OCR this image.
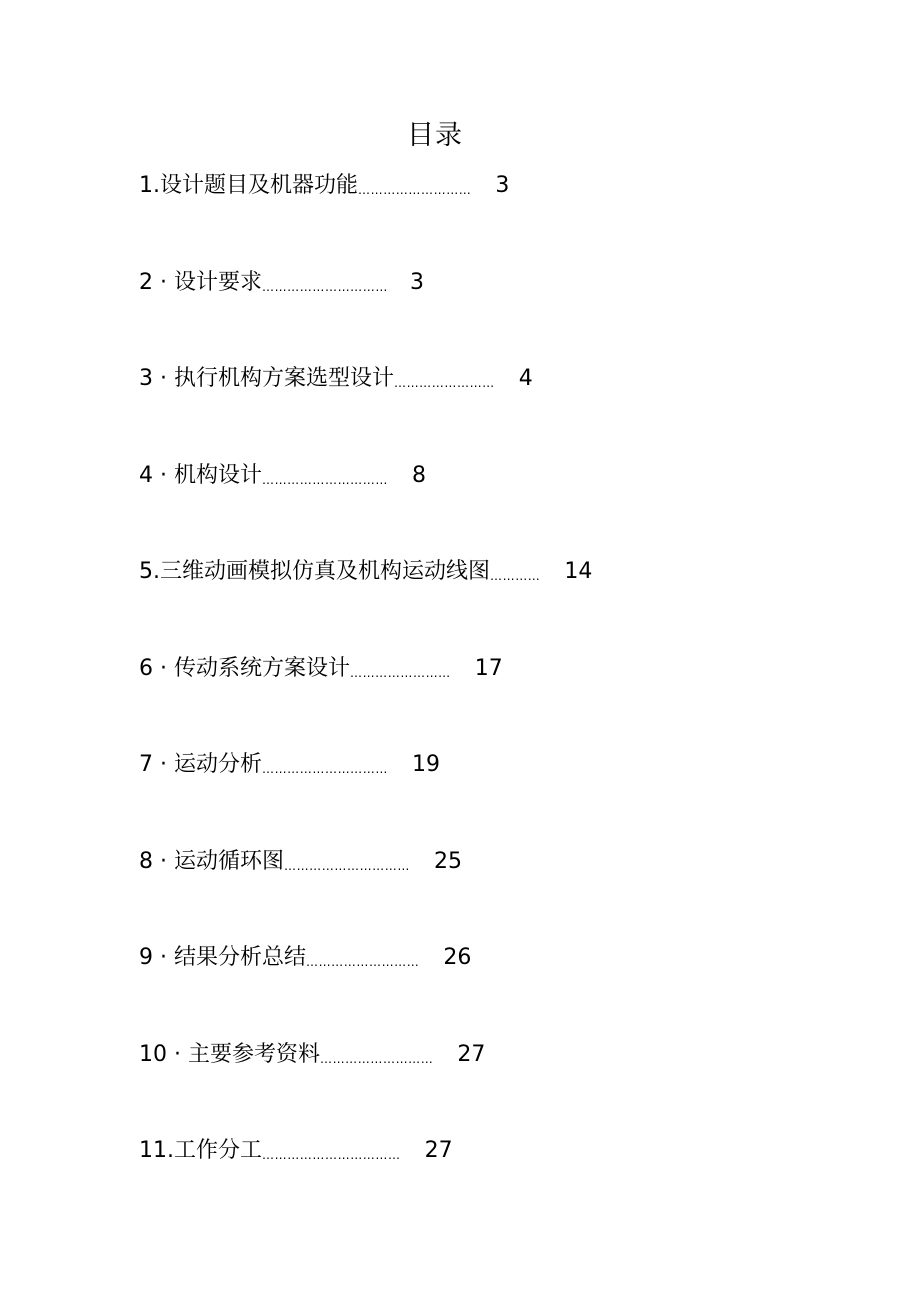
目录
1.设计题目及机器功能 ……………………… 3
2 · 设计要求 ………………………… 3
3 · 执行机构方案选型设计 …………………… 4
4 · 机构设计 ………………………… 8
5.三维动画模拟仿真及机构运动线图 ………… 14
6 · 传动系统方案设计 …………………… 17
7 · 运动分析 ………………………… 19
8 · 运动循环图 ………………………… 25
9 · 结果分析总结 ……………………… 26
10 · 主要参考资料 ……………………… 27
11.工作分工 …………………………… 27
